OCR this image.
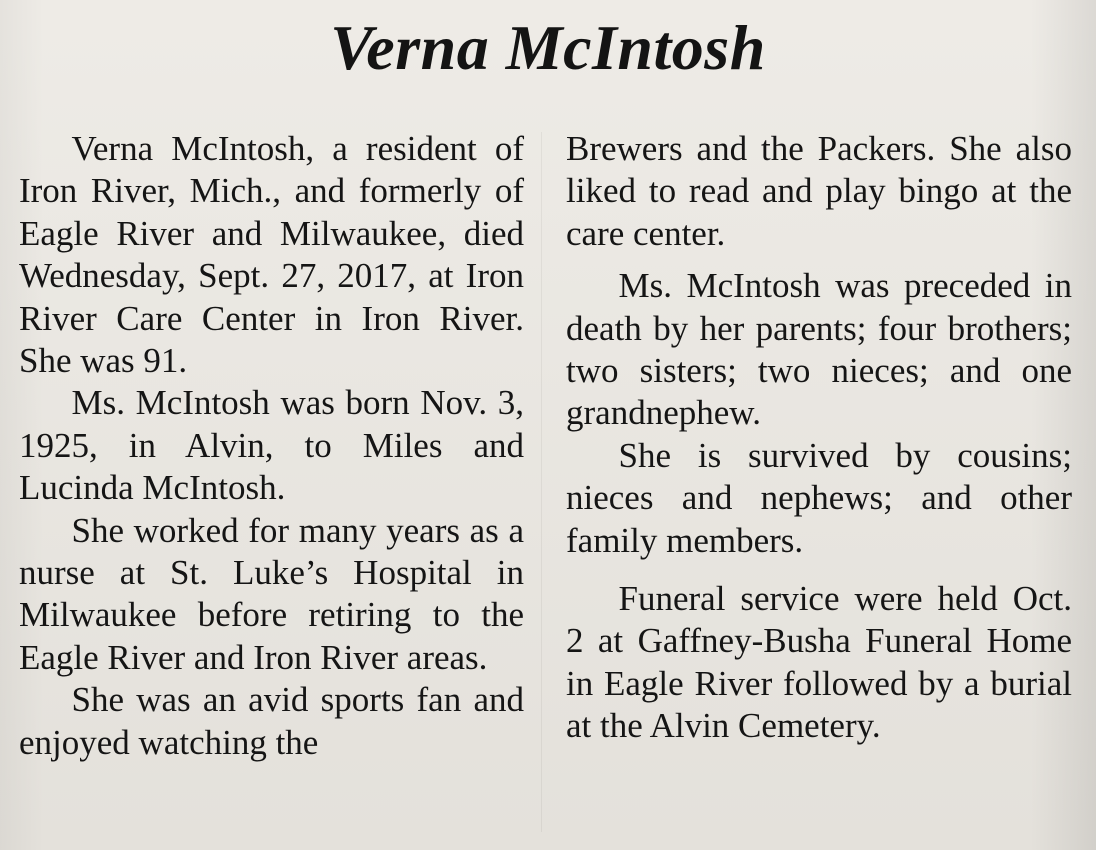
Verna McIntosh

Verna McIntosh, a resident of Iron River, Mich., and formerly of Eagle River and Milwaukee, died Wednesday, Sept. 27, 2017, at Iron River Care Center in Iron River. She was 91.

Ms. McIntosh was born Nov. 3, 1925, in Alvin, to Miles and Lucinda McIntosh.

She worked for many years as a nurse at St. Luke’s Hospital in Milwaukee before retiring to the Eagle River and Iron River areas.

She was an avid sports fan and enjoyed watching the

Brewers and the Packers. She also liked to read and play bingo at the care center.

Ms. McIntosh was preceded in death by her parents; four brothers; two sisters; two nieces; and one grandnephew.

She is survived by cousins; nieces and nephews; and other family members.

Funeral service were held Oct. 2 at Gaffney-Busha Funeral Home in Eagle River followed by a burial at the Alvin Cemetery.
